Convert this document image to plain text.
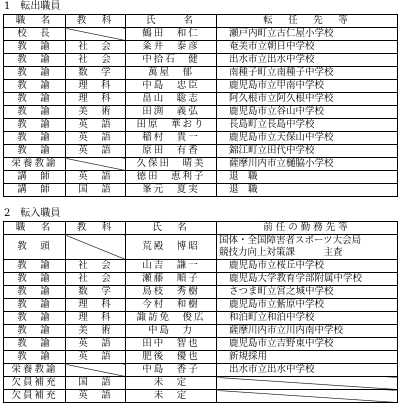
1　転出職員
職　名	教　科	氏　　名	転　任　先　等
校　長		鶴田　和仁	瀬戸内町立古仁屋小学校
教　諭	社　会	粂井　泰彦	奄美市立朝日中学校
教　諭	社　会	中拾石　健	出水市立出水中学校
教　諭	数　学	萬屋　郁	南種子町立南種子中学校
教　諭	理　科	中島　忠臣	鹿児島市立甲南中学校
教　諭	理　科	畠山　聡志	阿久根市立阿久根中学校
教　諭	美　術	田渕　義弘	鹿児島市立谷山中学校
教　諭	英　語	田原　華おり	長島町立長島中学校
教　諭	英　語	稲村　貴一	鹿児島市立天保山中学校
教　諭	英　語	原田　有香	錦江町立田代中学校
栄養教諭		久保田　晴美	薩摩川内市立樋脇小学校
講　師	英　語	徳田　恵利子	退　職
講　師	国　語	峯元　夏実	退　職
2　転入職員
職　名	教　科	氏　名	前任の勤務先等
教　頭		荒殿　博昭	国体・全国障害者スポーツ大会局
競技力向上対策課　　　主査

教　諭	社　会	山吉　謙一	鹿児島市立桜丘中学校
教　諭	社　会	瀬藤　順子	鹿児島大学教育学部附属中学校
教　諭	数　学	鳥枝　秀樹	さつま町立宮之城中学校
教　諭	理　科	今村　和樹	鹿児島市立紫原中学校
教　諭	理　科	諏訪免　俊広	和泊町立和泊中学校
教　諭	美　術	中島　力	薩摩川内市立川内南中学校
教　諭	英　語	田中　智也	鹿児島市立吉野東中学校
教　諭	英　語	肥後　優也	新規採用
栄養教諭		中島　香子	出水市立出水中学校
欠員補充	国　語	未　定	
欠員補充	英　語	未　定	
